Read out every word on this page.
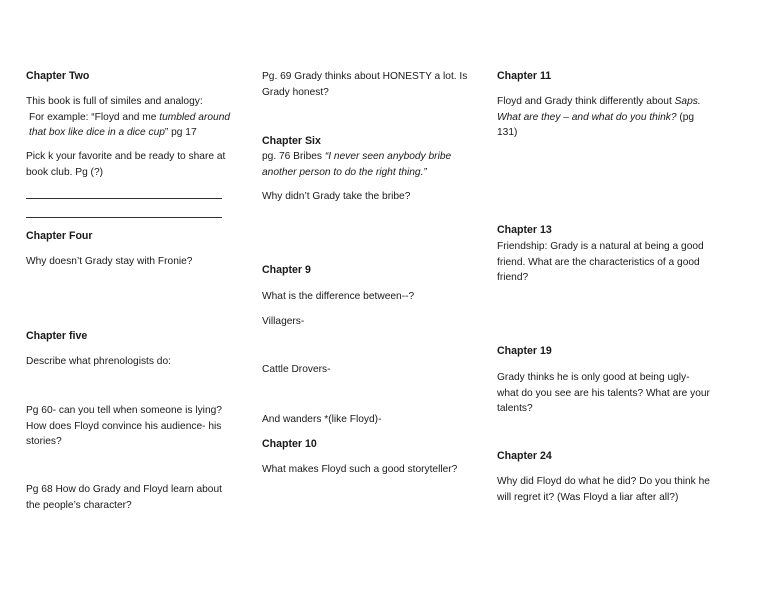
Chapter Two

This book is full of similes and analogy:

For example: “Floyd and me tumbled around that box like dice in a dice cup” pg 17

Pick k your favorite and be ready to share at book club. Pg (?)
Chapter Four
Why doesn’t Grady stay with Fronie?
Chapter five
Describe what phrenologists do:
Pg 60- can you tell when someone is lying? How does Floyd convince his audience- his stories?
Pg 68 How do Grady and Floyd learn about the people’s character?
Pg. 69 Grady thinks about HONESTY a lot. Is Grady honest?
Chapter Six
pg. 76 Bribes “I never seen anybody bribe another person to do the right thing.”
Why didn’t Grady take the bribe?
Chapter 9
What is the difference between--?
Villagers-
Cattle Drovers-
And wanders *(like Floyd)-
Chapter 10
What makes Floyd such a good storyteller?
Chapter 11
Floyd and Grady think differently about Saps. What are they – and what do you think? (pg 131)
Chapter 13
Friendship: Grady is a natural at being a good friend. What are the characteristics of a good friend?
Chapter 19
Grady thinks he is only good at being ugly- what do you see are his talents? What are your talents?
Chapter 24
Why did Floyd do what he did? Do you think he will regret it? (Was Floyd a liar after all?)
